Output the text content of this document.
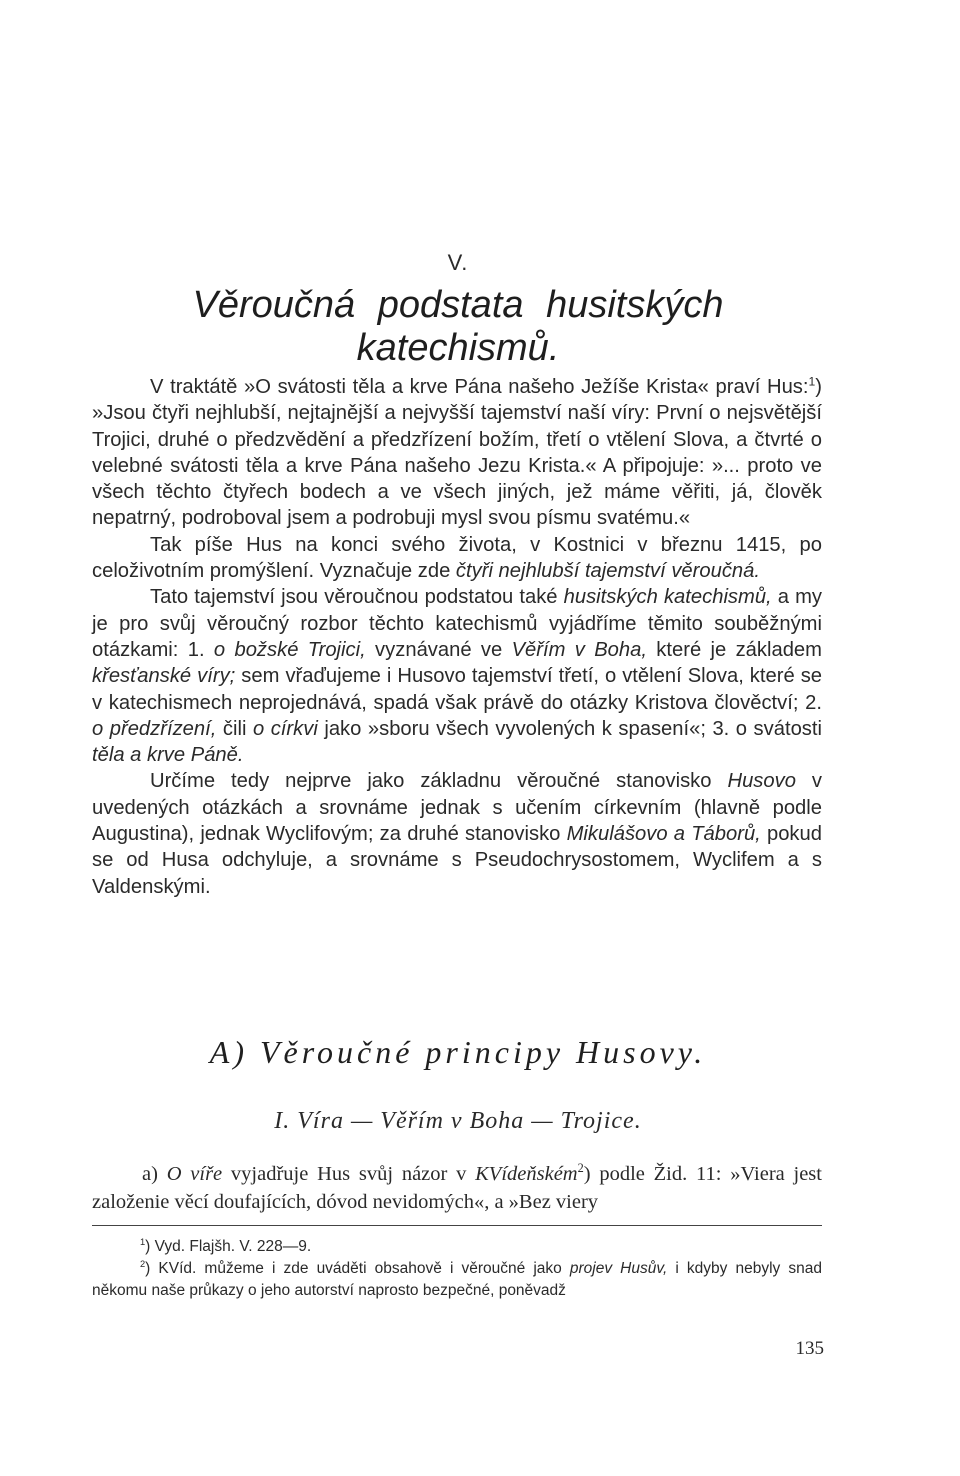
V.
Věroučná podstata husitských katechismů.

V traktátě »O svátosti těla a krve Pána našeho Ježíše Krista« praví Hus:$^1$) »Jsou čtyři nejhlubší, nejtajnější a nejvyšší tajemství naší víry: První o nejsvětější Trojici, druhé o předzvědění a předzřízení božím, třetí o vtělení Slova, a čtvrté o velebné svátosti těla a krve Pána našeho Jezu Krista.« A připojuje: »... proto ve všech těchto čtyřech bodech a ve všech jiných, jež máme věřiti, já, člověk nepatrný, podroboval jsem a podrobuji mysl svou písmu svatému.«

Tak píše Hus na konci svého života, v Kostnici v březnu 1415, po celoživotním promýšlení. Vyznačuje zde čtyři nejhlubší tajemství věroučná.

Tato tajemství jsou věroučnou podstatou také husitských katechismů, a my je pro svůj věroučný rozbor těchto katechismů vyjádříme těmito souběžnými otázkami: 1. o božské Trojici, vyznávané ve Věřím v Boha, které je základem křesťanské víry; sem vřaďujeme i Husovo tajemství třetí, o vtělení Slova, které se v katechismech neprojednává, spadá však právě do otázky Kristova člověctví; 2. o předzřízení, čili o církvi jako »sboru všech vyvolených k spasení«; 3. o svátosti těla a krve Páně.

Určíme tedy nejprve jako základnu věroučné stanovisko Husovo v uvedených otázkách a srovnáme jednak s učením církevním (hlavně podle Augustina), jednak Wyclifovým; za druhé stanovisko Mikulášovo a Táborů, pokud se od Husa odchyluje, a srovnáme s Pseudochrysostomem, Wyclifem a s Valdenskými.

A) Věroučné principy Husovy.
I. Víra — Věřím v Boha — Trojice.

a) O víře vyjadřuje Hus svůj názor v KVídeňském$^2$) podle Žid. 11: »Viera jest založenie věcí doufajících, dóvod nevidomých«, a »Bez viery

$^1$) Vyd. Flajšh. V. 228—9.

$^2$) KVíd. můžeme i zde uváděti obsahově i věroučné jako projev Husův, i kdyby nebyly snad někomu naše průkazy o jeho autorství naprosto bezpečné, poněvadž

135
